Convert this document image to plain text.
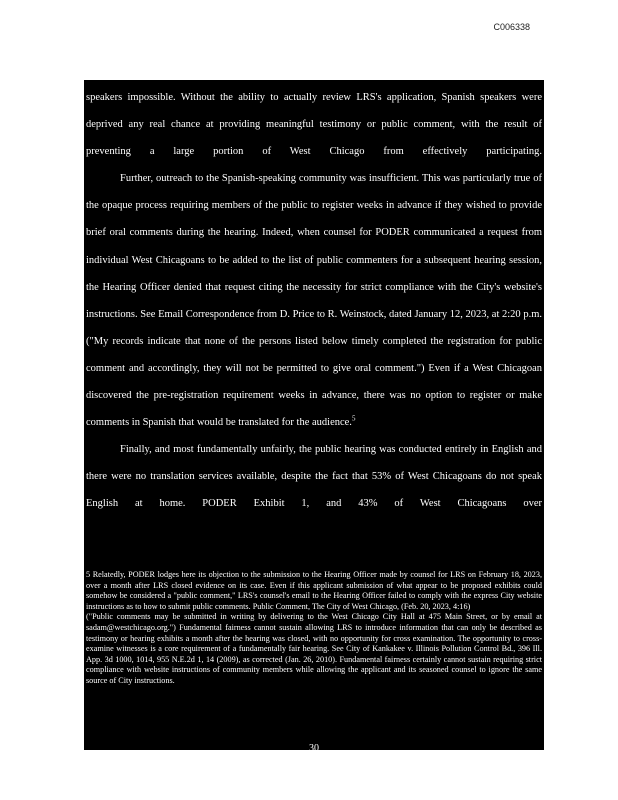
C006338

speakers impossible. Without the ability to actually review LRS's application, Spanish speakers were deprived any real chance at providing meaningful testimony or public comment, with the result of preventing a large portion of West Chicago from effectively participating.

Further, outreach to the Spanish-speaking community was insufficient. This was particularly true of the opaque process requiring members of the public to register weeks in advance if they wished to provide brief oral comments during the hearing. Indeed, when counsel for PODER communicated a request from individual West Chicagoans to be added to the list of public commenters for a subsequent hearing session, the Hearing Officer denied that request citing the necessity for strict compliance with the City's website's instructions. See Email Correspondence from D. Price to R. Weinstock, dated January 12, 2023, at 2:20 p.m. ("My records indicate that none of the persons listed below timely completed the registration for public comment and accordingly, they will not be permitted to give oral comment.") Even if a West Chicagoan discovered the pre-registration requirement weeks in advance, there was no option to register or make comments in Spanish that would be translated for the audience.$^5$

Finally, and most fundamentally unfairly, the public hearing was conducted entirely in English and there were no translation services available, despite the fact that 53% of West Chicagoans do not speak English at home. PODER Exhibit 1, and 43% of West Chicagoans over

5 Relatedly, PODER lodges here its objection to the submission to the Hearing Officer made by counsel for LRS on February 18, 2023, over a month after LRS closed evidence on its case. Even if this applicant submission of what appear to be proposed exhibits could somehow be considered a "public comment," LRS's counsel's email to the Hearing Officer failed to comply with the express City website instructions as to how to submit public comments. Public Comment, The City of West Chicago, (Feb. 20, 2023, 4:16)

("Public comments may be submitted in writing by delivering to the West Chicago City Hall at 475 Main Street, or by email at sadam@westchicago.org.") Fundamental fairness cannot sustain allowing LRS to introduce information that can only be described as testimony or hearing exhibits a month after the hearing was closed, with no opportunity for cross examination. The opportunity to cross-examine witnesses is a core requirement of a fundamentally fair hearing. See City of Kankakee v. Illinois Pollution Control Bd., 396 Ill. App. 3d 1000, 1014, 955 N.E.2d 1, 14 (2009), as corrected (Jan. 26, 2010). Fundamental fairness certainly cannot sustain requiring strict compliance with website instructions of community members while allowing the applicant and its seasoned counsel to ignore the same source of City instructions.

30
